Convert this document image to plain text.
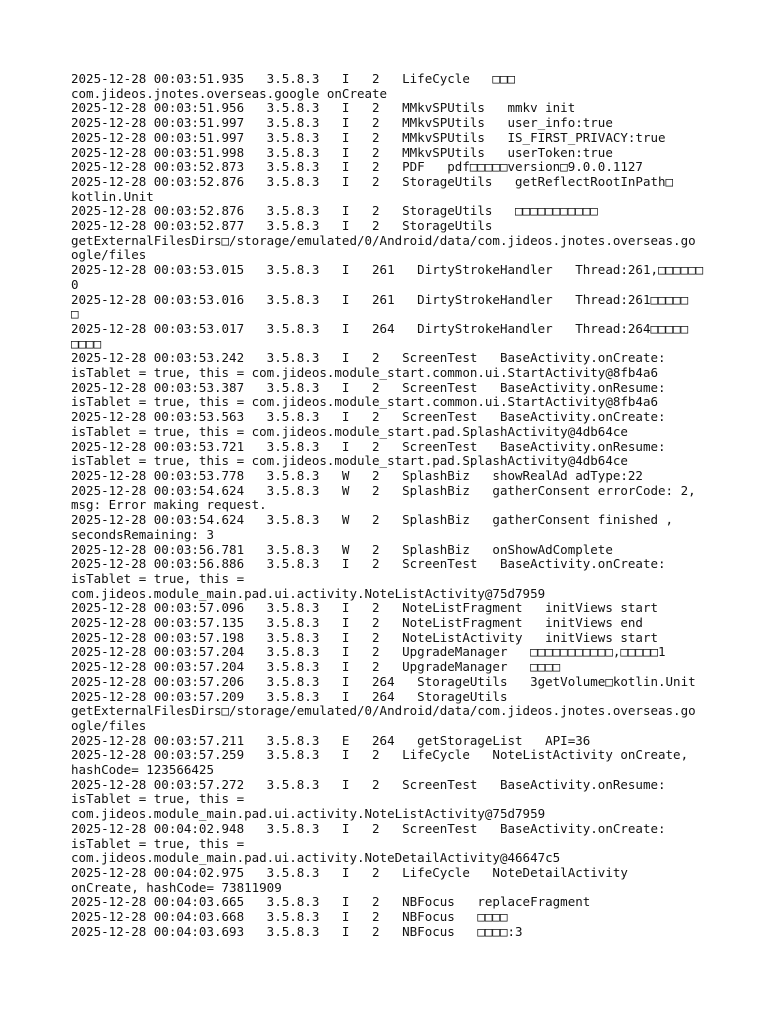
2025-12-28 00:03:51.935   3.5.8.3   I   2   LifeCycle   □□□
com.jideos.jnotes.overseas.google onCreate
2025-12-28 00:03:51.956   3.5.8.3   I   2   MMkvSPUtils   mmkv init
2025-12-28 00:03:51.997   3.5.8.3   I   2   MMkvSPUtils   user_info:true
2025-12-28 00:03:51.997   3.5.8.3   I   2   MMkvSPUtils   IS_FIRST_PRIVACY:true
2025-12-28 00:03:51.998   3.5.8.3   I   2   MMkvSPUtils   userToken:true
2025-12-28 00:03:52.873   3.5.8.3   I   2   PDF   pdf□□□□□version□9.0.0.1127
2025-12-28 00:03:52.876   3.5.8.3   I   2   StorageUtils   getReflectRootInPath□
kotlin.Unit
2025-12-28 00:03:52.876   3.5.8.3   I   2   StorageUtils   □□□□□□□□□□□
2025-12-28 00:03:52.877   3.5.8.3   I   2   StorageUtils
getExternalFilesDirs□/storage/emulated/0/Android/data/com.jideos.jnotes.overseas.go
ogle/files
2025-12-28 00:03:53.015   3.5.8.3   I   261   DirtyStrokeHandler   Thread:261,□□□□□□
0
2025-12-28 00:03:53.016   3.5.8.3   I   261   DirtyStrokeHandler   Thread:261□□□□□
□
2025-12-28 00:03:53.017   3.5.8.3   I   264   DirtyStrokeHandler   Thread:264□□□□□
□□□□
2025-12-28 00:03:53.242   3.5.8.3   I   2   ScreenTest   BaseActivity.onCreate:
isTablet = true, this = com.jideos.module_start.common.ui.StartActivity@8fb4a6
2025-12-28 00:03:53.387   3.5.8.3   I   2   ScreenTest   BaseActivity.onResume:
isTablet = true, this = com.jideos.module_start.common.ui.StartActivity@8fb4a6
2025-12-28 00:03:53.563   3.5.8.3   I   2   ScreenTest   BaseActivity.onCreate:
isTablet = true, this = com.jideos.module_start.pad.SplashActivity@4db64ce
2025-12-28 00:03:53.721   3.5.8.3   I   2   ScreenTest   BaseActivity.onResume:
isTablet = true, this = com.jideos.module_start.pad.SplashActivity@4db64ce
2025-12-28 00:03:53.778   3.5.8.3   W   2   SplashBiz   showRealAd adType:22
2025-12-28 00:03:54.624   3.5.8.3   W   2   SplashBiz   gatherConsent errorCode: 2,
msg: Error making request.
2025-12-28 00:03:54.624   3.5.8.3   W   2   SplashBiz   gatherConsent finished ,
secondsRemaining: 3
2025-12-28 00:03:56.781   3.5.8.3   W   2   SplashBiz   onShowAdComplete
2025-12-28 00:03:56.886   3.5.8.3   I   2   ScreenTest   BaseActivity.onCreate:
isTablet = true, this =
com.jideos.module_main.pad.ui.activity.NoteListActivity@75d7959
2025-12-28 00:03:57.096   3.5.8.3   I   2   NoteListFragment   initViews start
2025-12-28 00:03:57.135   3.5.8.3   I   2   NoteListFragment   initViews end
2025-12-28 00:03:57.198   3.5.8.3   I   2   NoteListActivity   initViews start
2025-12-28 00:03:57.204   3.5.8.3   I   2   UpgradeManager   □□□□□□□□□□□,□□□□□1
2025-12-28 00:03:57.204   3.5.8.3   I   2   UpgradeManager   □□□□
2025-12-28 00:03:57.206   3.5.8.3   I   264   StorageUtils   3getVolume□kotlin.Unit
2025-12-28 00:03:57.209   3.5.8.3   I   264   StorageUtils
getExternalFilesDirs□/storage/emulated/0/Android/data/com.jideos.jnotes.overseas.go
ogle/files
2025-12-28 00:03:57.211   3.5.8.3   E   264   getStorageList   API=36
2025-12-28 00:03:57.259   3.5.8.3   I   2   LifeCycle   NoteListActivity onCreate,
hashCode= 123566425
2025-12-28 00:03:57.272   3.5.8.3   I   2   ScreenTest   BaseActivity.onResume:
isTablet = true, this =
com.jideos.module_main.pad.ui.activity.NoteListActivity@75d7959
2025-12-28 00:04:02.948   3.5.8.3   I   2   ScreenTest   BaseActivity.onCreate:
isTablet = true, this =
com.jideos.module_main.pad.ui.activity.NoteDetailActivity@46647c5
2025-12-28 00:04:02.975   3.5.8.3   I   2   LifeCycle   NoteDetailActivity
onCreate, hashCode= 73811909
2025-12-28 00:04:03.665   3.5.8.3   I   2   NBFocus   replaceFragment
2025-12-28 00:04:03.668   3.5.8.3   I   2   NBFocus   □□□□
2025-12-28 00:04:03.693   3.5.8.3   I   2   NBFocus   □□□□:3
